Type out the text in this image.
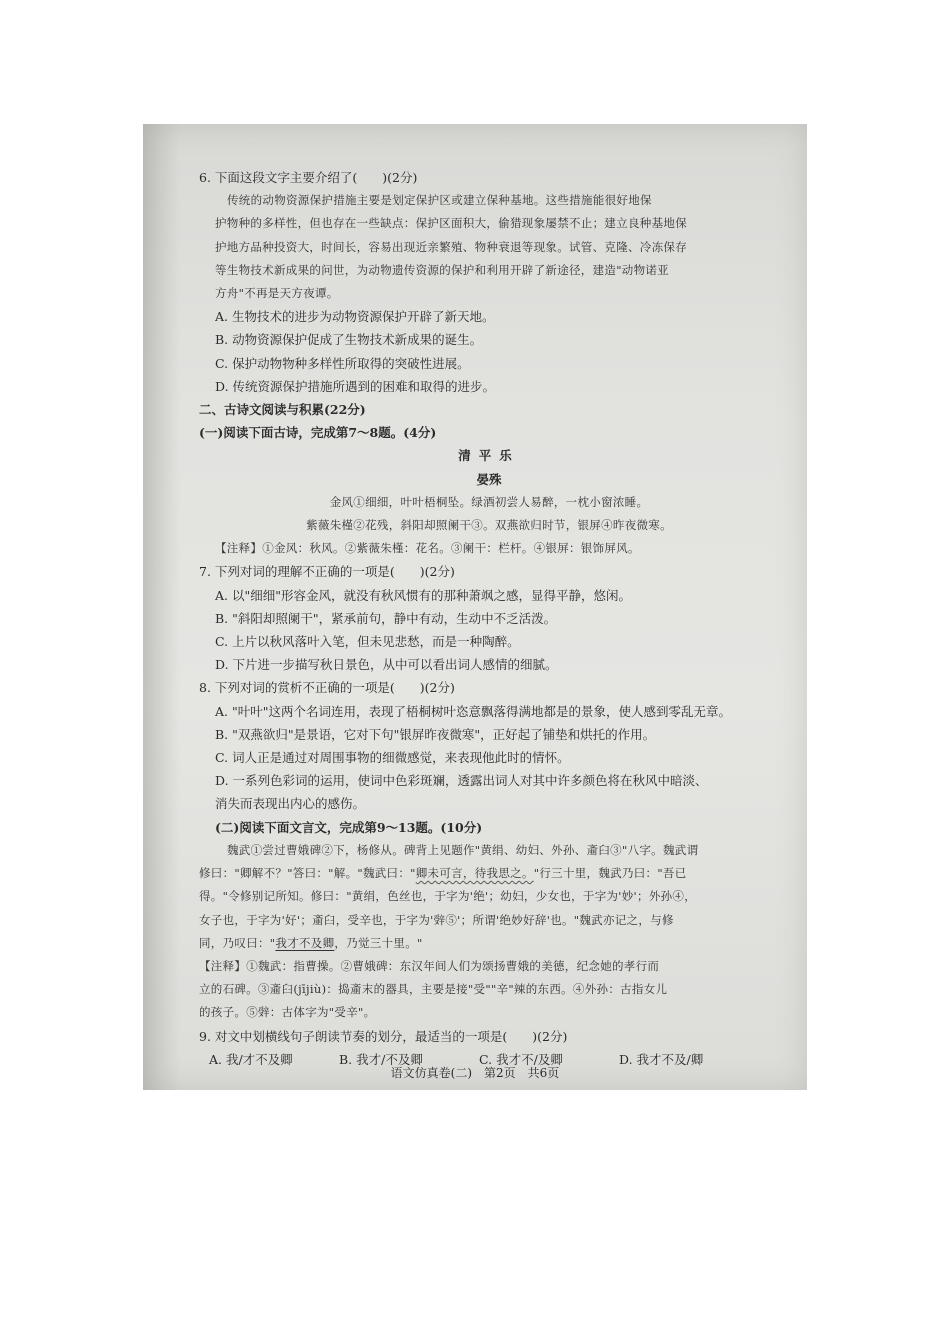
6. 下面这段文字主要介绍了(　　)(2分)

传统的动物资源保护措施主要是划定保护区或建立保种基地。这些措施能很好地保

护物种的多样性，但也存在一些缺点：保护区面积大，偷猎现象屡禁不止；建立良种基地保

护地方品种投资大，时间长，容易出现近亲繁殖、物种衰退等现象。试管、克隆、冷冻保存

等生物技术新成果的问世，为动物遗传资源的保护和利用开辟了新途径，建造"动物诺亚

方舟"不再是天方夜谭。

A. 生物技术的进步为动物资源保护开辟了新天地。

B. 动物资源保护促成了生物技术新成果的诞生。

C. 保护动物物种多样性所取得的突破性进展。

D. 传统资源保护措施所遇到的困难和取得的进步。

二、古诗文阅读与积累(22分)

(一)阅读下面古诗，完成第7～8题。(4分)

清平乐

晏殊

金风①细细，叶叶梧桐坠。绿酒初尝人易醉，一枕小窗浓睡。

紫薇朱槿②花残，斜阳却照阑干③。双燕欲归时节，银屏④昨夜微寒。

【注释】①金风：秋风。②紫薇朱槿：花名。③阑干：栏杆。④银屏：银饰屏风。

7. 下列对词的理解不正确的一项是(　　)(2分)

A. 以"细细"形容金风，就没有秋风惯有的那种萧飒之感，显得平静，悠闲。

B. "斜阳却照阑干"，紧承前句，静中有动，生动中不乏活泼。

C. 上片以秋风落叶入笔，但未见悲愁，而是一种陶醉。

D. 下片进一步描写秋日景色，从中可以看出词人感情的细腻。

8. 下列对词的赏析不正确的一项是(　　)(2分)

A. "叶叶"这两个名词连用，表现了梧桐树叶恣意飘落得满地都是的景象，使人感到零乱无章。

B. "双燕欲归"是景语，它对下句"银屏昨夜微寒"，正好起了铺垫和烘托的作用。

C. 词人正是通过对周围事物的细微感觉，来表现他此时的情怀。

D. 一系列色彩词的运用，使词中色彩斑斓，透露出词人对其中许多颜色将在秋风中暗淡、

消失而表现出内心的感伤。

(二)阅读下面文言文，完成第9～13题。(10分)

魏武①尝过曹娥碑②下，杨修从。碑背上见题作"黄绢、幼妇、外孙、齑臼③"八字。魏武谓

修曰："卿解不？"答曰："解。"魏武曰："卿未可言，待我思之。"行三十里，魏武乃曰："吾已

得。"令修别记所知。修曰："黄绢，色丝也，于字为'绝'；幼妇，少女也，于字为'妙'；外孙④，

女子也，于字为'好'；齑臼，受辛也，于字为'辤⑤'；所谓'绝妙好辞'也。"魏武亦记之，与修

同，乃叹曰："我才不及卿，乃觉三十里。"

【注释】①魏武：指曹操。②曹娥碑：东汉年间人们为颂扬曹娥的美德，纪念她的孝行而

立的石碑。③齑臼(jījiù)：捣齑末的器具，主要是接"受""辛"辣的东西。④外孙：古指女儿

的孩子。⑤辤：古体字为"受辛"。

9. 对文中划横线句子朗读节奏的划分，最适当的一项是(　　)(2分)

A. 我/才不及卿	B. 我才/不及卿	C. 我才不/及卿	D. 我才不及/卿
语文仿真卷(二)　第2页　共6页
